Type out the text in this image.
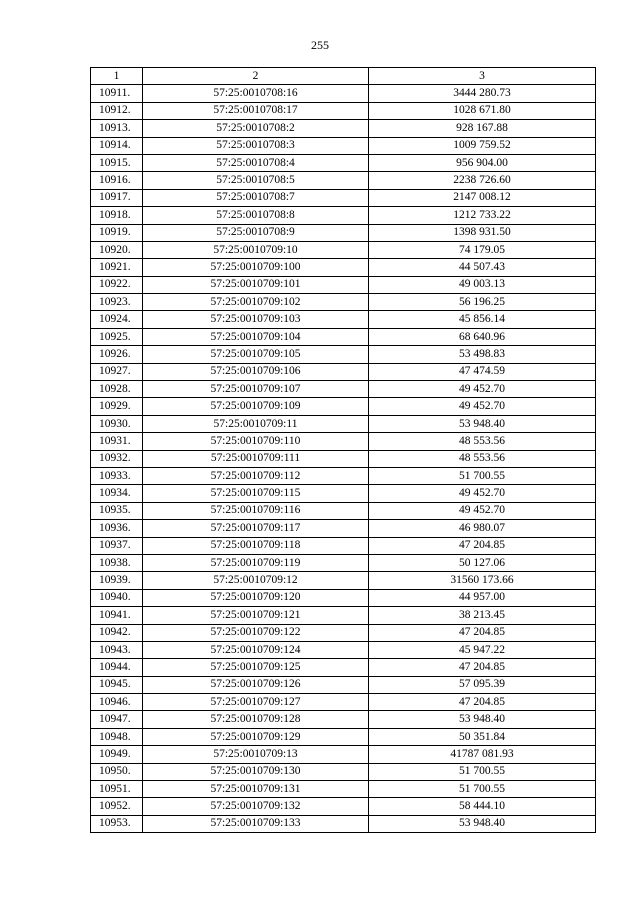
255
1	2	3
10911.	57:25:0010708:16	3444 280.73
10912.	57:25:0010708:17	1028 671.80
10913.	57:25:0010708:2	928 167.88
10914.	57:25:0010708:3	1009 759.52
10915.	57:25:0010708:4	956 904.00
10916.	57:25:0010708:5	2238 726.60
10917.	57:25:0010708:7	2147 008.12
10918.	57:25:0010708:8	1212 733.22
10919.	57:25:0010708:9	1398 931.50
10920.	57:25:0010709:10	74 179.05
10921.	57:25:0010709:100	44 507.43
10922.	57:25:0010709:101	49 003.13
10923.	57:25:0010709:102	56 196.25
10924.	57:25:0010709:103	45 856.14
10925.	57:25:0010709:104	68 640.96
10926.	57:25:0010709:105	53 498.83
10927.	57:25:0010709:106	47 474.59
10928.	57:25:0010709:107	49 452.70
10929.	57:25:0010709:109	49 452.70
10930.	57:25:0010709:11	53 948.40
10931.	57:25:0010709:110	48 553.56
10932.	57:25:0010709:111	48 553.56
10933.	57:25:0010709:112	51 700.55
10934.	57:25:0010709:115	49 452.70
10935.	57:25:0010709:116	49 452.70
10936.	57:25:0010709:117	46 980.07
10937.	57:25:0010709:118	47 204.85
10938.	57:25:0010709:119	50 127.06
10939.	57:25:0010709:12	31560 173.66
10940.	57:25:0010709:120	44 957.00
10941.	57:25:0010709:121	38 213.45
10942.	57:25:0010709:122	47 204.85
10943.	57:25:0010709:124	45 947.22
10944.	57:25:0010709:125	47 204.85
10945.	57:25:0010709:126	57 095.39
10946.	57:25:0010709:127	47 204.85
10947.	57:25:0010709:128	53 948.40
10948.	57:25:0010709:129	50 351.84
10949.	57:25:0010709:13	41787 081.93
10950.	57:25:0010709:130	51 700.55
10951.	57:25:0010709:131	51 700.55
10952.	57:25:0010709:132	58 444.10
10953.	57:25:0010709:133	53 948.40
